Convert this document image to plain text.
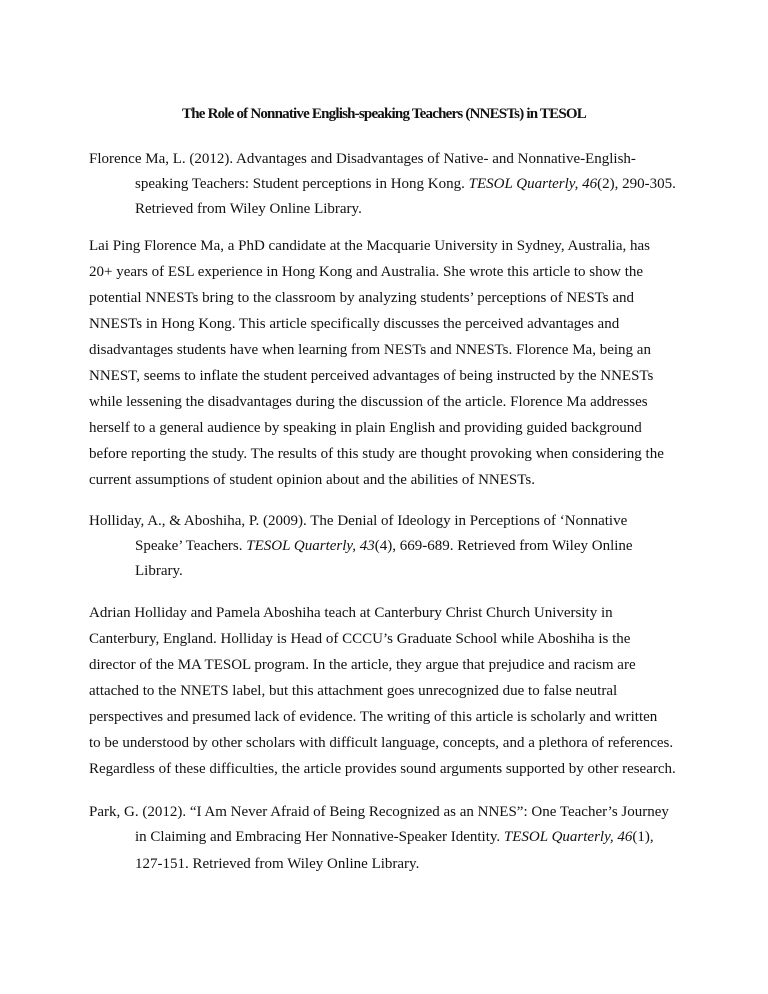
The Role of Nonnative English-speaking Teachers (NNESTs) in TESOL
Florence Ma, L. (2012). Advantages and Disadvantages of Native- and Nonnative-English-
speaking Teachers: Student perceptions in Hong Kong. TESOL Quarterly, 46(2), 290-305.
Retrieved from Wiley Online Library.
Lai Ping Florence Ma, a PhD candidate at the Macquarie University in Sydney, Australia, has
20+ years of ESL experience in Hong Kong and Australia. She wrote this article to show the
potential NNESTs bring to the classroom by analyzing students’ perceptions of NESTs and
NNESTs in Hong Kong. This article specifically discusses the perceived advantages and
disadvantages students have when learning from NESTs and NNESTs. Florence Ma, being an
NNEST, seems to inflate the student perceived advantages of being instructed by the NNESTs
while lessening the disadvantages during the discussion of the article. Florence Ma addresses
herself to a general audience by speaking in plain English and providing guided background
before reporting the study. The results of this study are thought provoking when considering the
current assumptions of student opinion about and the abilities of NNESTs.
Holliday, A., & Aboshiha, P. (2009). The Denial of Ideology in Perceptions of ‘Nonnative
Speake’ Teachers. TESOL Quarterly, 43(4), 669-689. Retrieved from Wiley Online
Library.
Adrian Holliday and Pamela Aboshiha teach at Canterbury Christ Church University in
Canterbury, England. Holliday is Head of CCCU’s Graduate School while Aboshiha is the
director of the MA TESOL program. In the article, they argue that prejudice and racism are
attached to the NNETS label, but this attachment goes unrecognized due to false neutral
perspectives and presumed lack of evidence. The writing of this article is scholarly and written
to be understood by other scholars with difficult language, concepts, and a plethora of references.
Regardless of these difficulties, the article provides sound arguments supported by other research.
Park, G. (2012). “I Am Never Afraid of Being Recognized as an NNES”: One Teacher’s Journey
in Claiming and Embracing Her Nonnative-Speaker Identity. TESOL Quarterly, 46(1),
127-151. Retrieved from Wiley Online Library.
